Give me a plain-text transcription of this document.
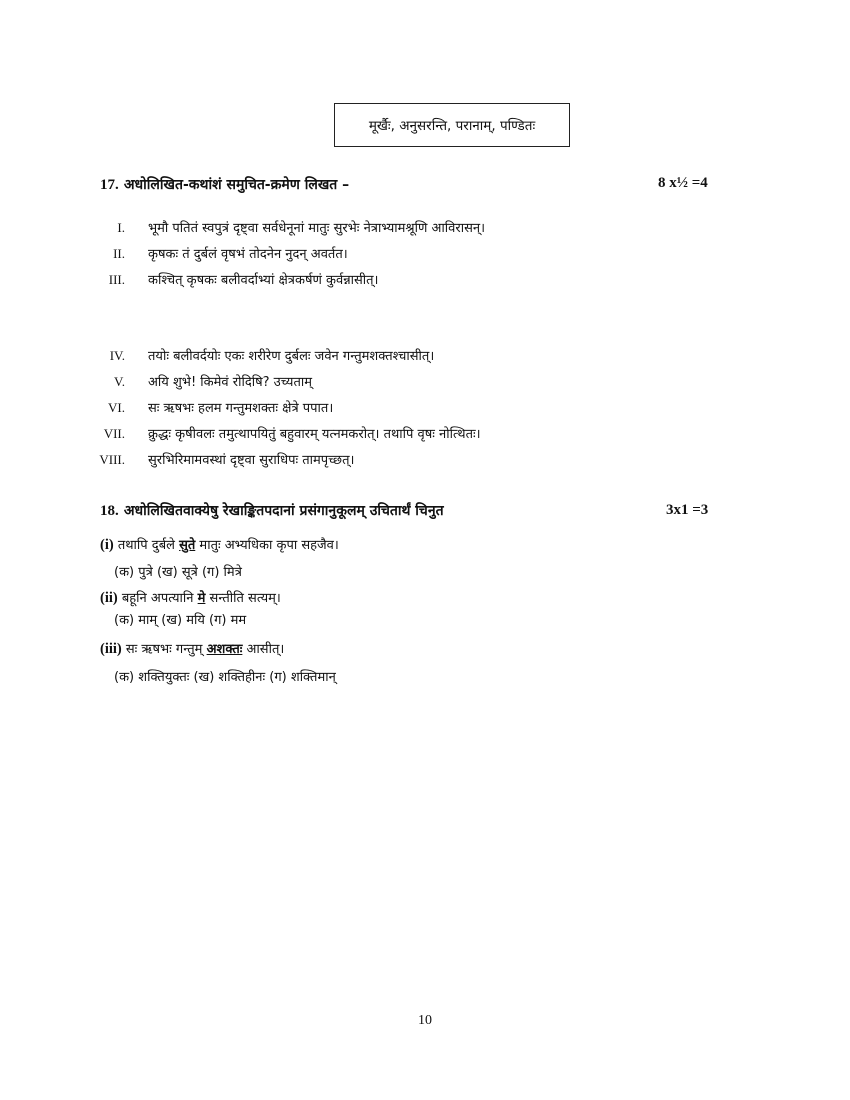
मूर्खैः, अनुसरन्ति, परानाम्, पण्डितः
17. अधोलिखित-कथांशं समुचित-क्रमेण लिखत –	8 x½ =4
I. भूमौ पतितं स्वपुत्रं दृष्ट्वा सर्वधेनूनां मातुः सुरभेः नेत्राभ्यामश्रूणि आविरासन्।
II. कृषकः तं दुर्बलं वृषभं तोदनेन नुदन् अवर्तत।
III. कश्चित् कृषकः बलीवर्दाभ्यां क्षेत्रकर्षणं कुर्वन्नासीत्।
IV. तयोः बलीवर्दयोः एकः शरीरेण दुर्बलः जवेन गन्तुमशक्तश्चासीत्।
V. अयि शुभे! किमेवं रोदिषि? उच्यताम्
VI. सः ऋषभः हलम गन्तुमशक्तः क्षेत्रे पपात।
VII. क्रुद्धः कृषीवलः तमुत्थापयितुं बहुवारम् यत्नमकरोत्। तथापि वृषः नोत्थितः।
VIII. सुरभिरिमामवस्थां दृष्ट्वा सुराधिपः तामपृच्छत्।
18. अधोलिखितवाक्येषु रेखाङ्कितपदानां प्रसंगानुकूलम् उचितार्थं चिनुत	3x1 =3
(i) तथापि दुर्बले सुते मातुः अभ्यधिका कृपा सहजैव।
(क) पुत्रे (ख) सूत्रे (ग) मित्रे
(ii) बहूनि अपत्यानि मे सन्तीति सत्यम्।
(क) माम् (ख) मयि (ग) मम
(iii) सः ऋषभः गन्तुम् अशक्तः आसीत्।
(क) शक्तियुक्तः (ख) शक्तिहीनः (ग) शक्तिमान्
10
